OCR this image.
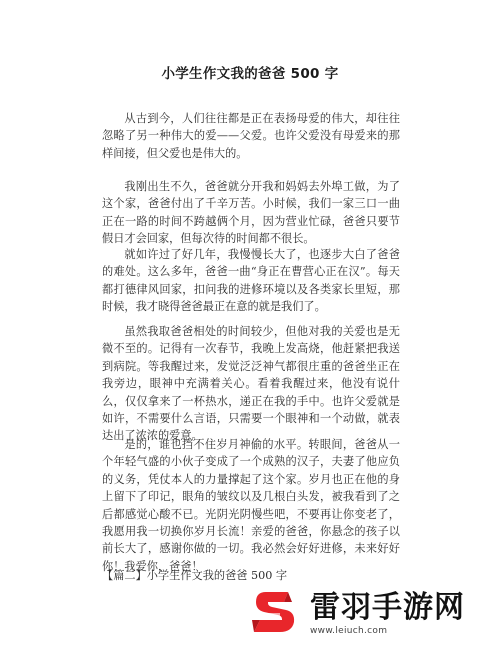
小学生作文我的爸爸 500 字

从古到今，人们往往都是正在表扬母爱的伟大，却往往忽略了另一种伟大的爱——父爱。也许父爱没有母爱来的那样间接，但父爱也是伟大的。

我刚出生不久，爸爸就分开我和妈妈去外埠工做，为了这个家，爸爸付出了千辛万苦。小时候，我们一家三口一曲正在一路的时间不跨越俩个月，因为营业忙碌，爸爸只要节假日才会回家，但每次待的时间都不很长。

就如许过了好几年，我慢慢长大了，也逐步大白了爸爸的难处。这么多年，爸爸一曲“身正在曹营心正在汉”。每天都打德律风回家，扣问我的进修环境以及各类家长里短，那时候，我才晓得爸爸最正在意的就是我们了。

虽然我取爸爸相处的时间较少，但他对我的关爱也是无微不至的。记得有一次春节，我晚上发高烧，他赶紧把我送到病院。等我醒过来，发觉泛泛神气都很庄重的爸爸坐正在我旁边，眼神中充满着关心。看着我醒过来，他没有说什么，仅仅拿来了一杯热水，递正在我的手中。也许父爱就是如许，不需要什么言语，只需要一个眼神和一个动做，就表达出了浓浓的爱意。

是的，谁也挡不住岁月神偷的水平。转眼间，爸爸从一个年轻气盛的小伙子变成了一个成熟的汉子，夫妻了他应负的义务，凭仗本人的力量撑起了这个家。岁月也正在他的身上留下了印记，眼角的皱纹以及几根白头发，被我看到了之后都感觉心酸不已。光阴光阴慢些吧，不要再让你变老了，我愿用我一切换你岁月长流！亲爱的爸爸，你悬念的孩子以前长大了，感谢你做的一切。我必然会好好进修，未来好好你！我爱你，爸爸！

【篇二】小学生作文我的爸爸 500 字

雷羽手游网
www.leiuch.com
